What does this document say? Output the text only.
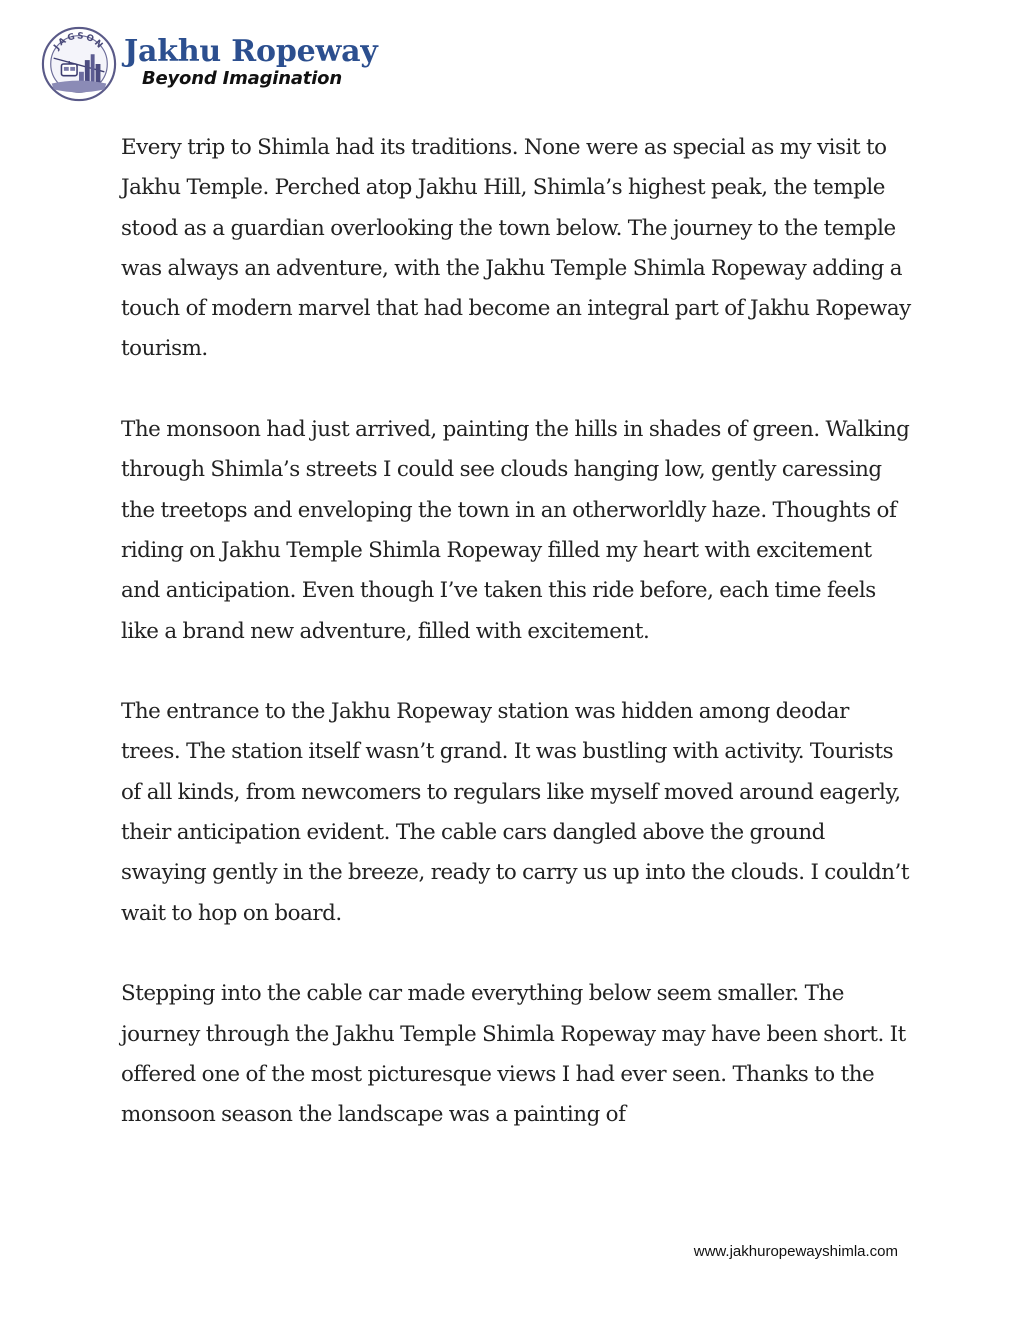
JAGSON Jakhu Ropeway
Beyond Imagination

Every trip to Shimla had its traditions. None were as special as my visit to Jakhu Temple. Perched atop Jakhu Hill, Shimla’s highest peak, the temple stood as a guardian overlooking the town below. The journey to the temple was always an adventure, with the Jakhu Temple Shimla Ropeway adding a touch of modern marvel that had become an integral part of Jakhu Ropeway tourism.

The monsoon had just arrived, painting the hills in shades of green. Walking through Shimla’s streets I could see clouds hanging low, gently caressing the treetops and enveloping the town in an otherworldly haze. Thoughts of riding on Jakhu Temple Shimla Ropeway filled my heart with excitement and anticipation. Even though I’ve taken this ride before, each time feels like a brand new adventure, filled with excitement.

The entrance to the Jakhu Ropeway station was hidden among deodar trees. The station itself wasn’t grand. It was bustling with activity. Tourists of all kinds, from newcomers to regulars like myself moved around eagerly, their anticipation evident. The cable cars dangled above the ground swaying gently in the breeze, ready to carry us up into the clouds. I couldn’t wait to hop on board.

Stepping into the cable car made everything below seem smaller. The journey through the Jakhu Temple Shimla Ropeway may have been short. It offered one of the most picturesque views I had ever seen. Thanks to the monsoon season the landscape was a painting of

www.jakhuropewayshimla.com
